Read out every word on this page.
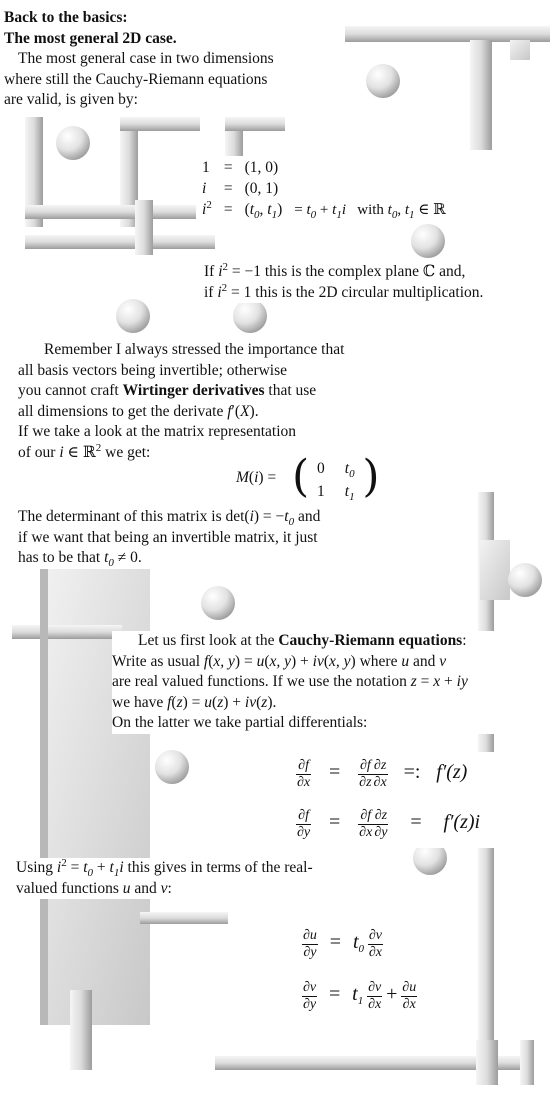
Back to the basics:

The most general 2D case.

The most general case in two dimensions
where still the Cauchy-Riemann equations
are valid, is given by:

1	=	(1, 0)	
i	=	(0, 1)	
$i^2$	=	($t_0$, $t_1$)	= $t_0 + t_1i$   with $t_0$, $t_1$ ∈ ℝ

If $i^2 = -1$ this is the complex plane ℂ and,

if $i^2 = 1$ this is the 2D circular multiplication.

Remember I always stressed the importance that
all basis vectors being invertible; otherwise
you cannot craft Wirtinger derivatives that use
all dimensions to get the derivate f′(X).
If we take a look at the matrix representation
of our i ∈ ℝ$^2$ we get:

M(i) = ( 0	$t_0$
1	$t_1$ )

The determinant of this matrix is $\det(i) = -t_0$ and
if we want that being an invertible matrix, it just
has to be that $t_0 \ne 0$.

Let us first look at the Cauchy-Riemann equations:
Write as usual f(x, y) = u(x, y) + iv(x, y) where u and v
are real valued functions. If we use the notation z = x + iy
we have f(z) = u(z) + iv(z).
On the latter we take partial differentials:

$\frac{\partial f}{\partial x} = \frac{\partial f}{\partial z} \frac{\partial z}{\partial x}$ =: f′(z)
$\frac{\partial f}{\partial y} = \frac{\partial f}{\partial x} \frac{\partial z}{\partial y} = f'(z)i$

Using $i^2 = t_0 + t_1i$ this gives in terms of the real-
valued functions u and v:

$\frac{\partial u}{\partial y} = t_0 \frac{\partial v}{\partial x}$
$\frac{\partial v}{\partial y} = t_1 \frac{\partial v}{\partial x} + \frac{\partial u}{\partial x}$
